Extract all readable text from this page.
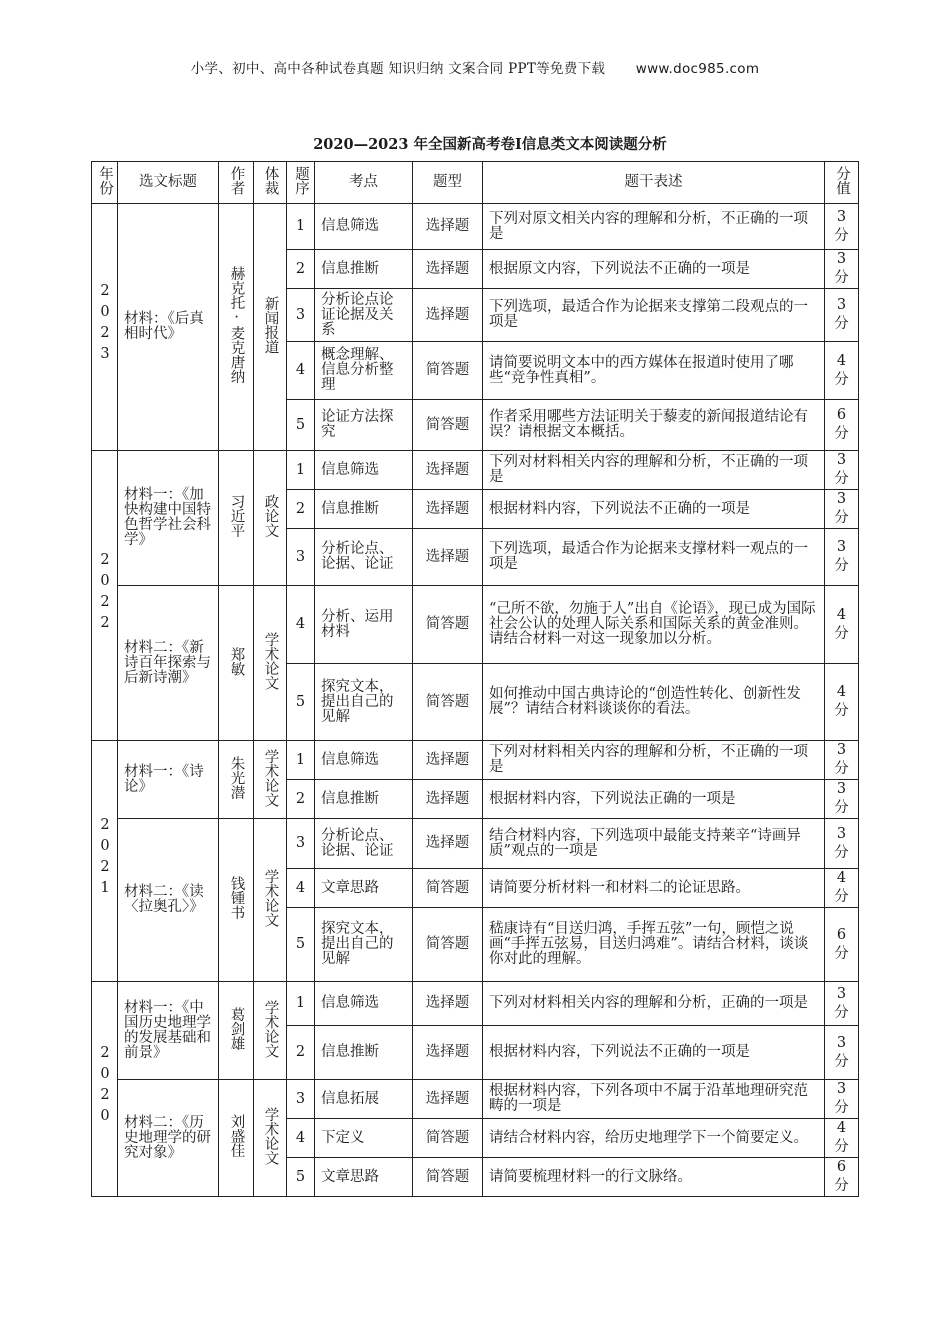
小学、初中、高中各种试卷真题 知识归纳 文案合同 PPT等免费下载 www.doc985.com
2020—2023 年全国新高考卷Ⅰ信息类文本阅读题分析
年份	选文标题	作者	体裁	题序	考点	题型	题干表述	分值
2023	材料：《后真相时代》	赫克托·麦克唐纳	新闻报道	1	信息筛选	选择题	下列对原文相关内容的理解和分析，不正确的一项是	3
分

				2	信息推断	选择题	根据原文内容，下列说法不正确的一项是	3
分

				3	分析论点论证论据及关系	选择题	下列选项，最适合作为论据来支撑第二段观点的一项是	3
分

				4	概念理解、信息分析整理	简答题	请简要说明文本中的西方媒体在报道时使用了哪些“竞争性真相”。	4
分

				5	论证方法探究	简答题	作者采用哪些方法证明关于藜麦的新闻报道结论有误？请根据文本概括。	6
分

2022	材料一：《加快构建中国特色哲学社会科学》	习近平	政论文	1	信息筛选	选择题	下列对材料相关内容的理解和分析，不正确的一项是	3
分

				2	信息推断	选择题	根据材料内容，下列说法不正确的一项是	3
分

				3	分析论点、论据、论证	选择题	下列选项，最适合作为论据来支撑材料一观点的一项是	3
分

	材料二：《新诗百年探索与后新诗潮》	郑敏	学术论文	4	分析、运用材料	简答题	“己所不欲，勿施于人”出自《论语》，现已成为国际社会公认的处理人际关系和国际关系的黄金准则。请结合材料一对这一现象加以分析。	4
分

				5	探究文本，提出自己的见解	简答题	如何推动中国古典诗论的“创造性转化、创新性发展”？请结合材料谈谈你的看法。	4
分

2021	材料一：《诗论》	朱光潜	学术论文	1	信息筛选	选择题	下列对材料相关内容的理解和分析，不正确的一项是	3
分

				2	信息推断	选择题	根据材料内容，下列说法正确的一项是	3
分

	材料二：《读〈拉奥孔〉》	钱锺书	学术论文	3	分析论点、论据、论证	选择题	结合材料内容，下列选项中最能支持莱辛“诗画异质”观点的一项是	3
分

				4	文章思路	简答题	请简要分析材料一和材料二的论证思路。	4
分

				5	探究文本，提出自己的见解	简答题	嵇康诗有“目送归鸿，手挥五弦”一句，顾恺之说画“手挥五弦易，目送归鸿难”。请结合材料，谈谈你对此的理解。	6
分

2020	材料一：《中国历史地理学的发展基础和前景》	葛剑雄	学术论文	1	信息筛选	选择题	下列对材料相关内容的理解和分析，正确的一项是	3
分

				2	信息推断	选择题	根据材料内容，下列说法不正确的一项是	3
分

	材料二：《历史地理学的研究对象》	刘盛佳	学术论文	3	信息拓展	选择题	根据材料内容，下列各项中不属于沿革地理研究范畴的一项是	3
分

				4	下定义	简答题	请结合材料内容，给历史地理学下一个简要定义。	4
分

				5	文章思路	简答题	请简要梳理材料一的行文脉络。	6
分
